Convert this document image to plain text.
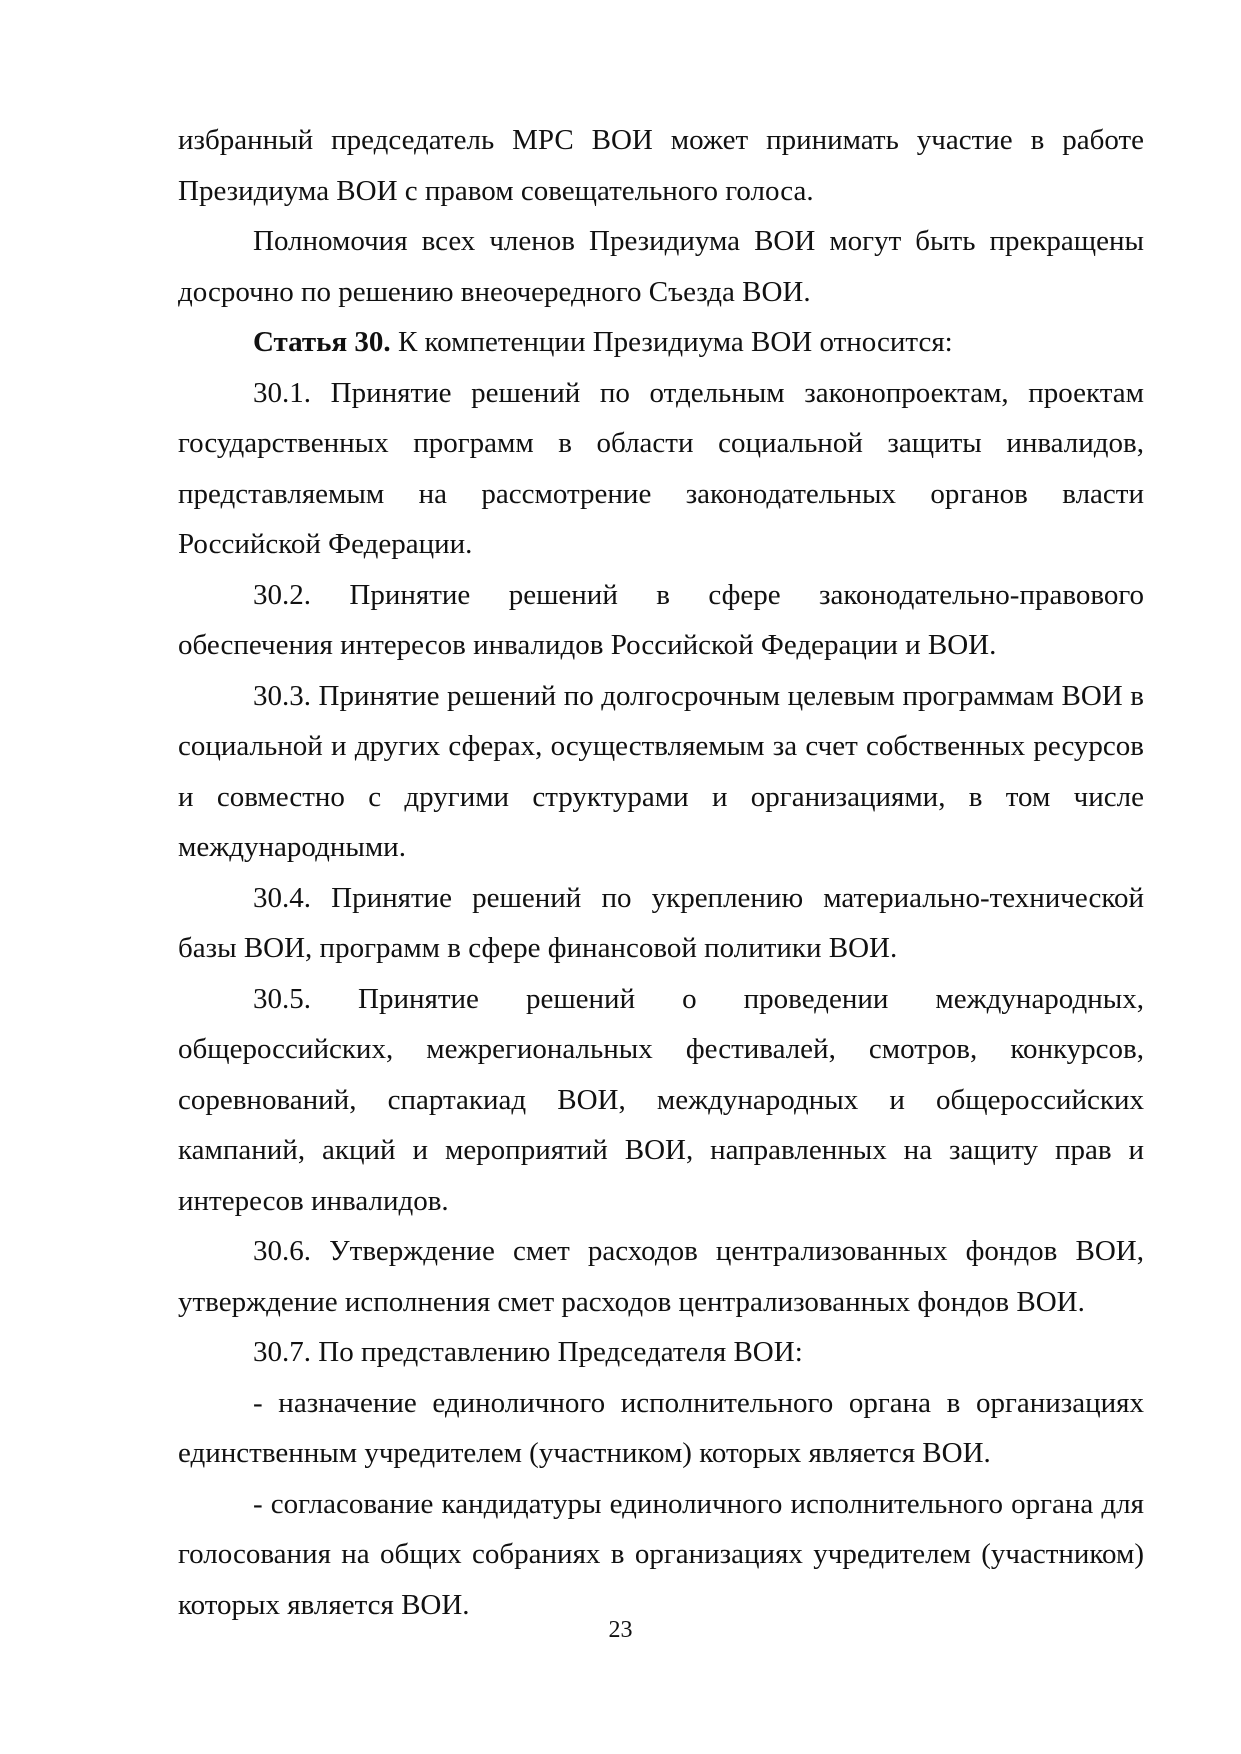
избранный председатель МРС ВОИ может принимать участие в работе Президиума ВОИ с правом совещательного голоса.

Полномочия всех членов Президиума ВОИ могут быть прекращены досрочно по решению внеочередного Съезда ВОИ.

Статья 30. К компетенции Президиума ВОИ относится:

30.1. Принятие решений по отдельным законопроектам, проектам государственных программ в области социальной защиты инвалидов, представляемым на рассмотрение законодательных органов власти Российской Федерации.

30.2. Принятие решений в сфере законодательно-правового обеспечения интересов инвалидов Российской Федерации и ВОИ.

30.3. Принятие решений по долгосрочным целевым программам ВОИ в социальной и других сферах, осуществляемым за счет собственных ресурсов и совместно с другими структурами и организациями, в том числе международными.

30.4. Принятие решений по укреплению материально-технической базы ВОИ, программ в сфере финансовой политики ВОИ.

30.5. Принятие решений о проведении международных, общероссийских, межрегиональных фестивалей, смотров, конкурсов, соревнований, спартакиад ВОИ, международных и общероссийских кампаний, акций и мероприятий ВОИ, направленных на защиту прав и интересов инвалидов.

30.6. Утверждение смет расходов централизованных фондов ВОИ, утверждение исполнения смет расходов централизованных фондов ВОИ.

30.7. По представлению Председателя ВОИ:

- назначение единоличного исполнительного органа в организациях единственным учредителем (участником) которых является ВОИ.

- согласование кандидатуры единоличного исполнительного органа для голосования на общих собраниях в организациях учредителем (участником) которых является ВОИ.

23
